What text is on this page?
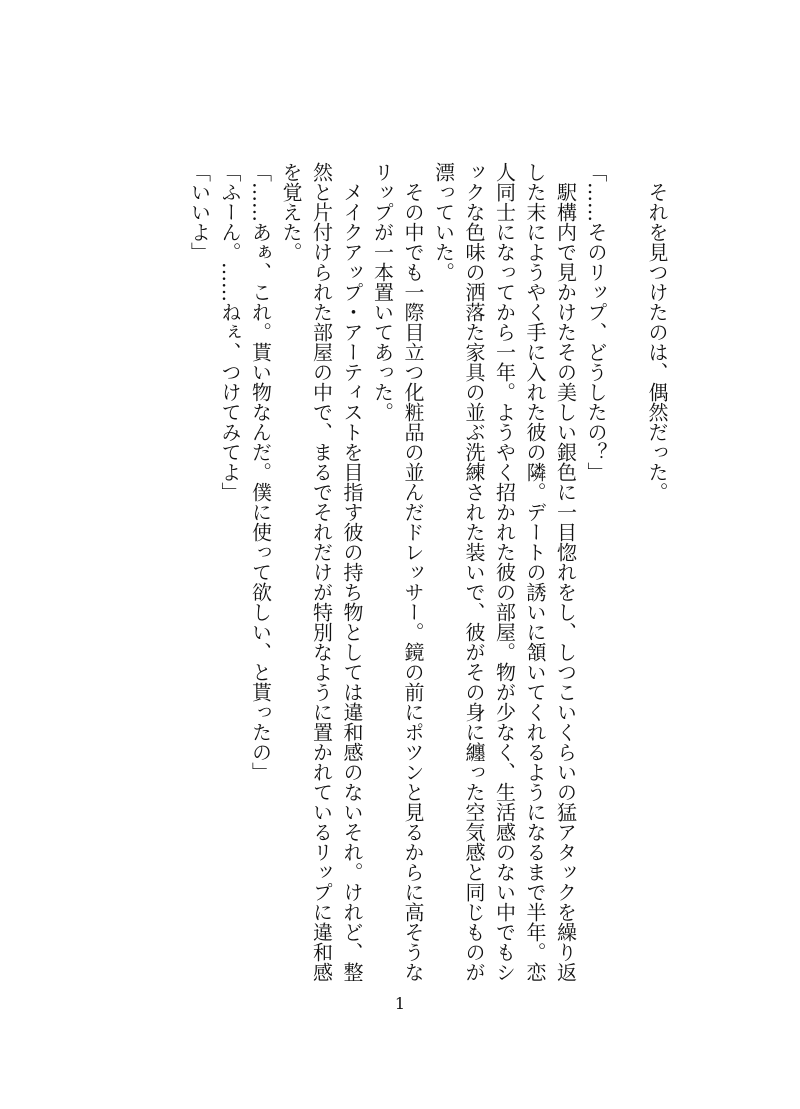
　それを見つけたのは、偶然だった。

「……そのリップ、どうしたの？」

　駅構内で見かけたその美しい銀色に一目惚れをし、しつこいくらいの猛アタックを繰り返した末にようやく手に入れた彼の隣。デートの誘いに頷いてくれるようになるまで半年。恋人同士になってから一年。ようやく招かれた彼の部屋。物が少なく、生活感のない中でもシックな色味の洒落た家具の並ぶ洗練された装いで、彼がその身に纏った空気感と同じものが漂っていた。

　その中でも一際目立つ化粧品の並んだドレッサー。鏡の前にポツンと見るからに高そうなリップが一本置いてあった。

　メイクアップ・アーティストを目指す彼の持ち物としては違和感のないそれ。けれど、整然と片付けられた部屋の中で、まるでそれだけが特別なように置かれているリップに違和感を覚えた。

「……あぁ、これ。貰い物なんだ。僕に使って欲しい、と貰ったの」

「ふーん。……ねぇ、つけてみてよ」

「いいよ」

1
